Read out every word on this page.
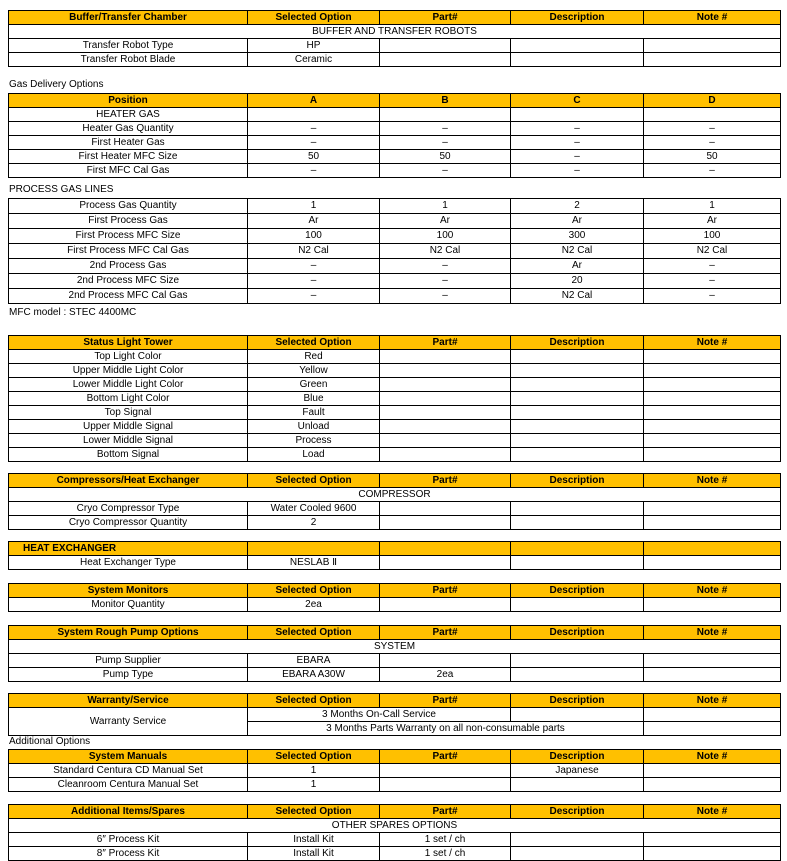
Buffer/Transfer Chamber	Selected Option	Part#	Description	Note #
BUFFER AND TRANSFER ROBOTS				
Transfer Robot Type	HP			
Transfer Robot Blade	Ceramic			
Gas Delivery Options
Position	A	B	C	D
HEATER GAS				
Heater Gas Quantity	–	–	–	–
First Heater Gas	–	–	–	–
First Heater MFC Size	50	50	–	50
First MFC Cal Gas	–	–	–	–
PROCESS GAS LINES
Process Gas Quantity	1	1	2	1
First Process Gas	Ar	Ar	Ar	Ar
First Process MFC Size	100	100	300	100
First Process MFC Cal Gas	N2 Cal	N2 Cal	N2 Cal	N2 Cal
2nd Process Gas	–	–	Ar	–
2nd Process MFC Size	–	–	20	–
2nd Process MFC Cal Gas	–	–	N2 Cal	–
MFC model : STEC 4400MC
Status Light Tower	Selected Option	Part#	Description	Note #
Top Light Color	Red			
Upper Middle Light Color	Yellow			
Lower Middle Light Color	Green			
Bottom Light Color	Blue			
Top Signal	Fault			
Upper Middle Signal	Unload			
Lower Middle Signal	Process			
Bottom Signal	Load			
Compressors/Heat Exchanger	Selected Option	Part#	Description	Note #
COMPRESSOR				
Cryo Compressor Type	Water Cooled 9600			
Cryo Compressor Quantity	2			
HEAT EXCHANGER				
Heat Exchanger Type	NESLAB Ⅱ			
System Monitors	Selected Option	Part#	Description	Note #
Monitor Quantity	2ea			
System Rough Pump Options	Selected Option	Part#	Description	Note #
SYSTEM				
Pump Supplier	EBARA			
Pump Type	EBARA A30W	2ea		
Warranty/Service	Selected Option	Part#	Description	Note #
Warranty Service	3 Months On-Call Service			
	3 Months Parts Warranty on all non-consumable parts			
Additional Options
System Manuals	Selected Option	Part#	Description	Note #
Standard Centura CD Manual Set	1		Japanese	
Cleanroom Centura Manual Set	1			
Additional Items/Spares	Selected Option	Part#	Description	Note #
OTHER SPARES OPTIONS				
6″ Process Kit	Install Kit	1 set / ch		
8″ Process Kit	Install Kit	1 set / ch		
